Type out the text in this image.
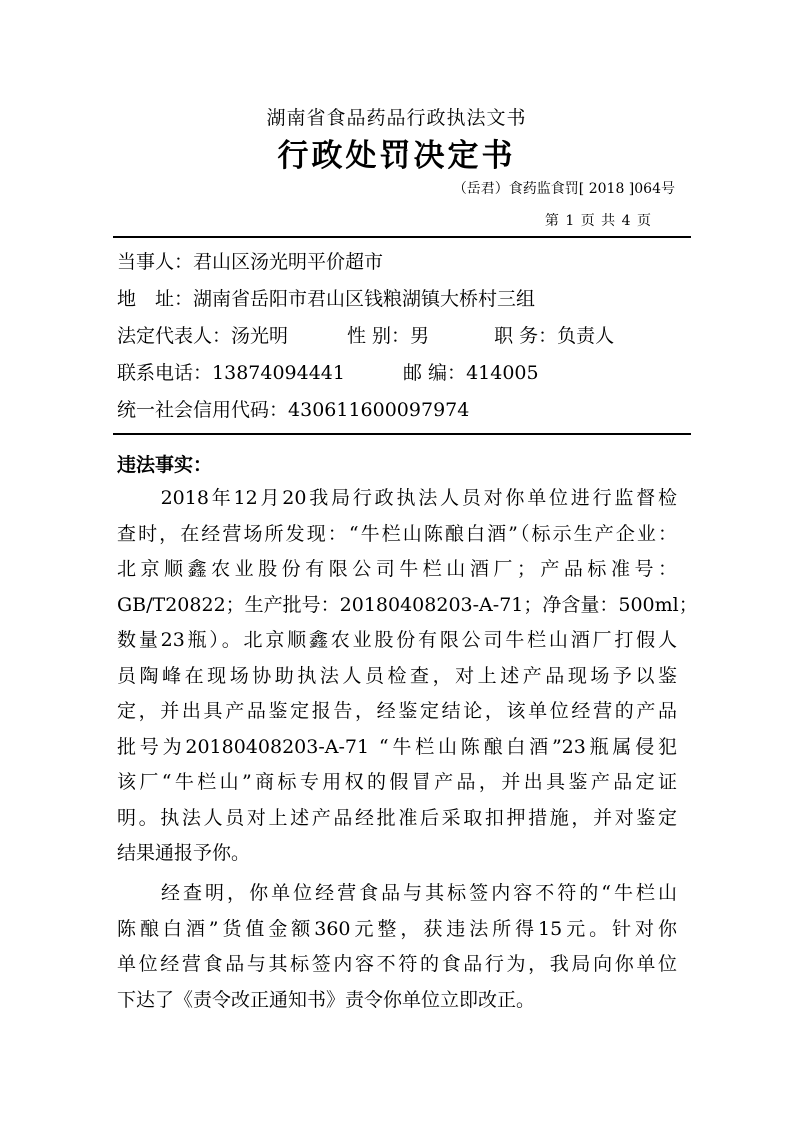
湖南省食品药品行政执法文书
行政处罚决定书
（岳君）食药监食罚[ 2018 ]064号
第 1 页 共 4 页
当事人：君山区汤光明平价超市
地　址：湖南省岳阳市君山区钱粮湖镇大桥村三组
法定代表人：汤光明	性 别：男	职 务：负责人
联系电话：13874094441	邮 编：414005
统一社会信用代码：430611600097974
违法事实：
　　2018年12月20我局行政执法人员对你单位进行监督检
查时，在经营场所发现：“牛栏山陈酿白酒”（标示生产企业：
北京顺鑫农业股份有限公司牛栏山酒厂；产品标准号：
GB/T20822；生产批号：20180408203-A-71；净含量：500ml；
数量23瓶）。北京顺鑫农业股份有限公司牛栏山酒厂打假人
员陶峰在现场协助执法人员检查，对上述产品现场予以鉴
定，并出具产品鉴定报告，经鉴定结论，该单位经营的产品
批号为20180408203-A-71 “牛栏山陈酿白酒”23瓶属侵犯
该厂“牛栏山”商标专用权的假冒产品，并出具鉴产品定证
明。执法人员对上述产品经批准后采取扣押措施，并对鉴定
结果通报予你。
　　经查明，你单位经营食品与其标签内容不符的“牛栏山
陈酿白酒”货值金额360元整，获违法所得15元。针对你
单位经营食品与其标签内容不符的食品行为，我局向你单位
下达了《责令改正通知书》责令你单位立即改正。
